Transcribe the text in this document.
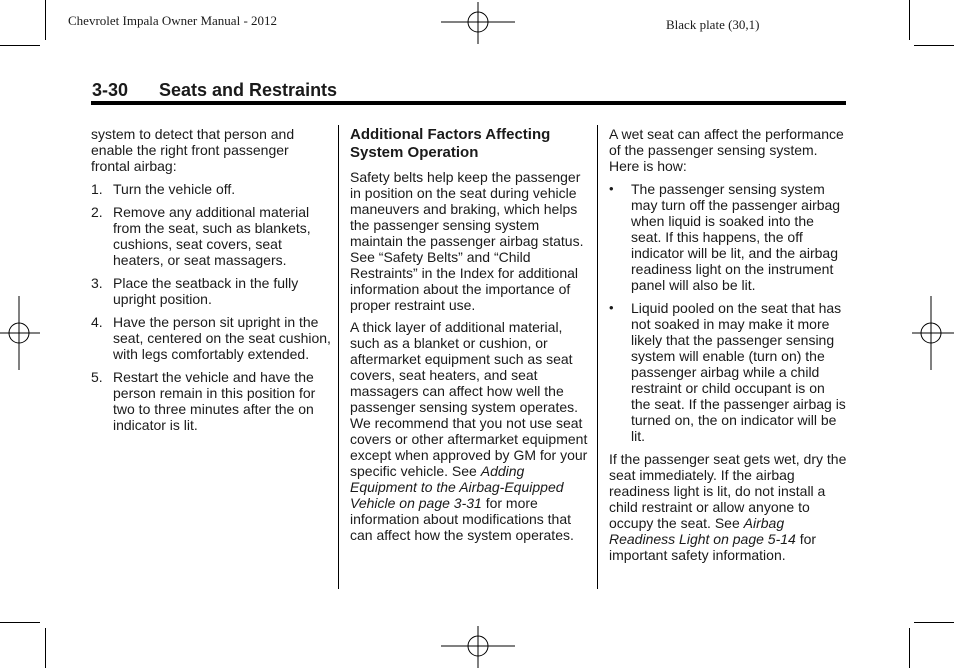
Chevrolet Impala Owner Manual - 2012	Black plate (30,1)
3-30 Seats and Restraints

system to detect that person and enable the right front passenger frontal airbag:

1. Turn the vehicle off.
2. Remove any additional material from the seat, such as blankets, cushions, seat covers, seat heaters, or seat massagers.
3. Place the seatback in the fully upright position.
4. Have the person sit upright in the seat, centered on the seat cushion, with legs comfortably extended.
5. Restart the vehicle and have the person remain in this position for two to three minutes after the on indicator is lit.
Additional Factors Affecting System Operation

Safety belts help keep the passenger in position on the seat during vehicle maneuvers and braking, which helps the passenger sensing system maintain the passenger airbag status. See “Safety Belts” and “Child Restraints” in the Index for additional information about the importance of proper restraint use.

A thick layer of additional material, such as a blanket or cushion, or aftermarket equipment such as seat covers, seat heaters, and seat massagers can affect how well the passenger sensing system operates. We recommend that you not use seat covers or other aftermarket equipment except when approved by GM for your specific vehicle. See Adding Equipment to the Airbag-Equipped Vehicle on page 3-31 for more information about modifications that can affect how the system operates.

A wet seat can affect the performance of the passenger sensing system. Here is how:

•	The passenger sensing system may turn off the passenger airbag when liquid is soaked into the seat. If this happens, the off indicator will be lit, and the airbag readiness light on the instrument panel will also be lit.
•	Liquid pooled on the seat that has not soaked in may make it more likely that the passenger sensing system will enable (turn on) the passenger airbag while a child restraint or child occupant is on the seat. If the passenger airbag is turned on, the on indicator will be lit.

If the passenger seat gets wet, dry the seat immediately. If the airbag readiness light is lit, do not install a child restraint or allow anyone to occupy the seat. See Airbag Readiness Light on page 5-14 for important safety information.
